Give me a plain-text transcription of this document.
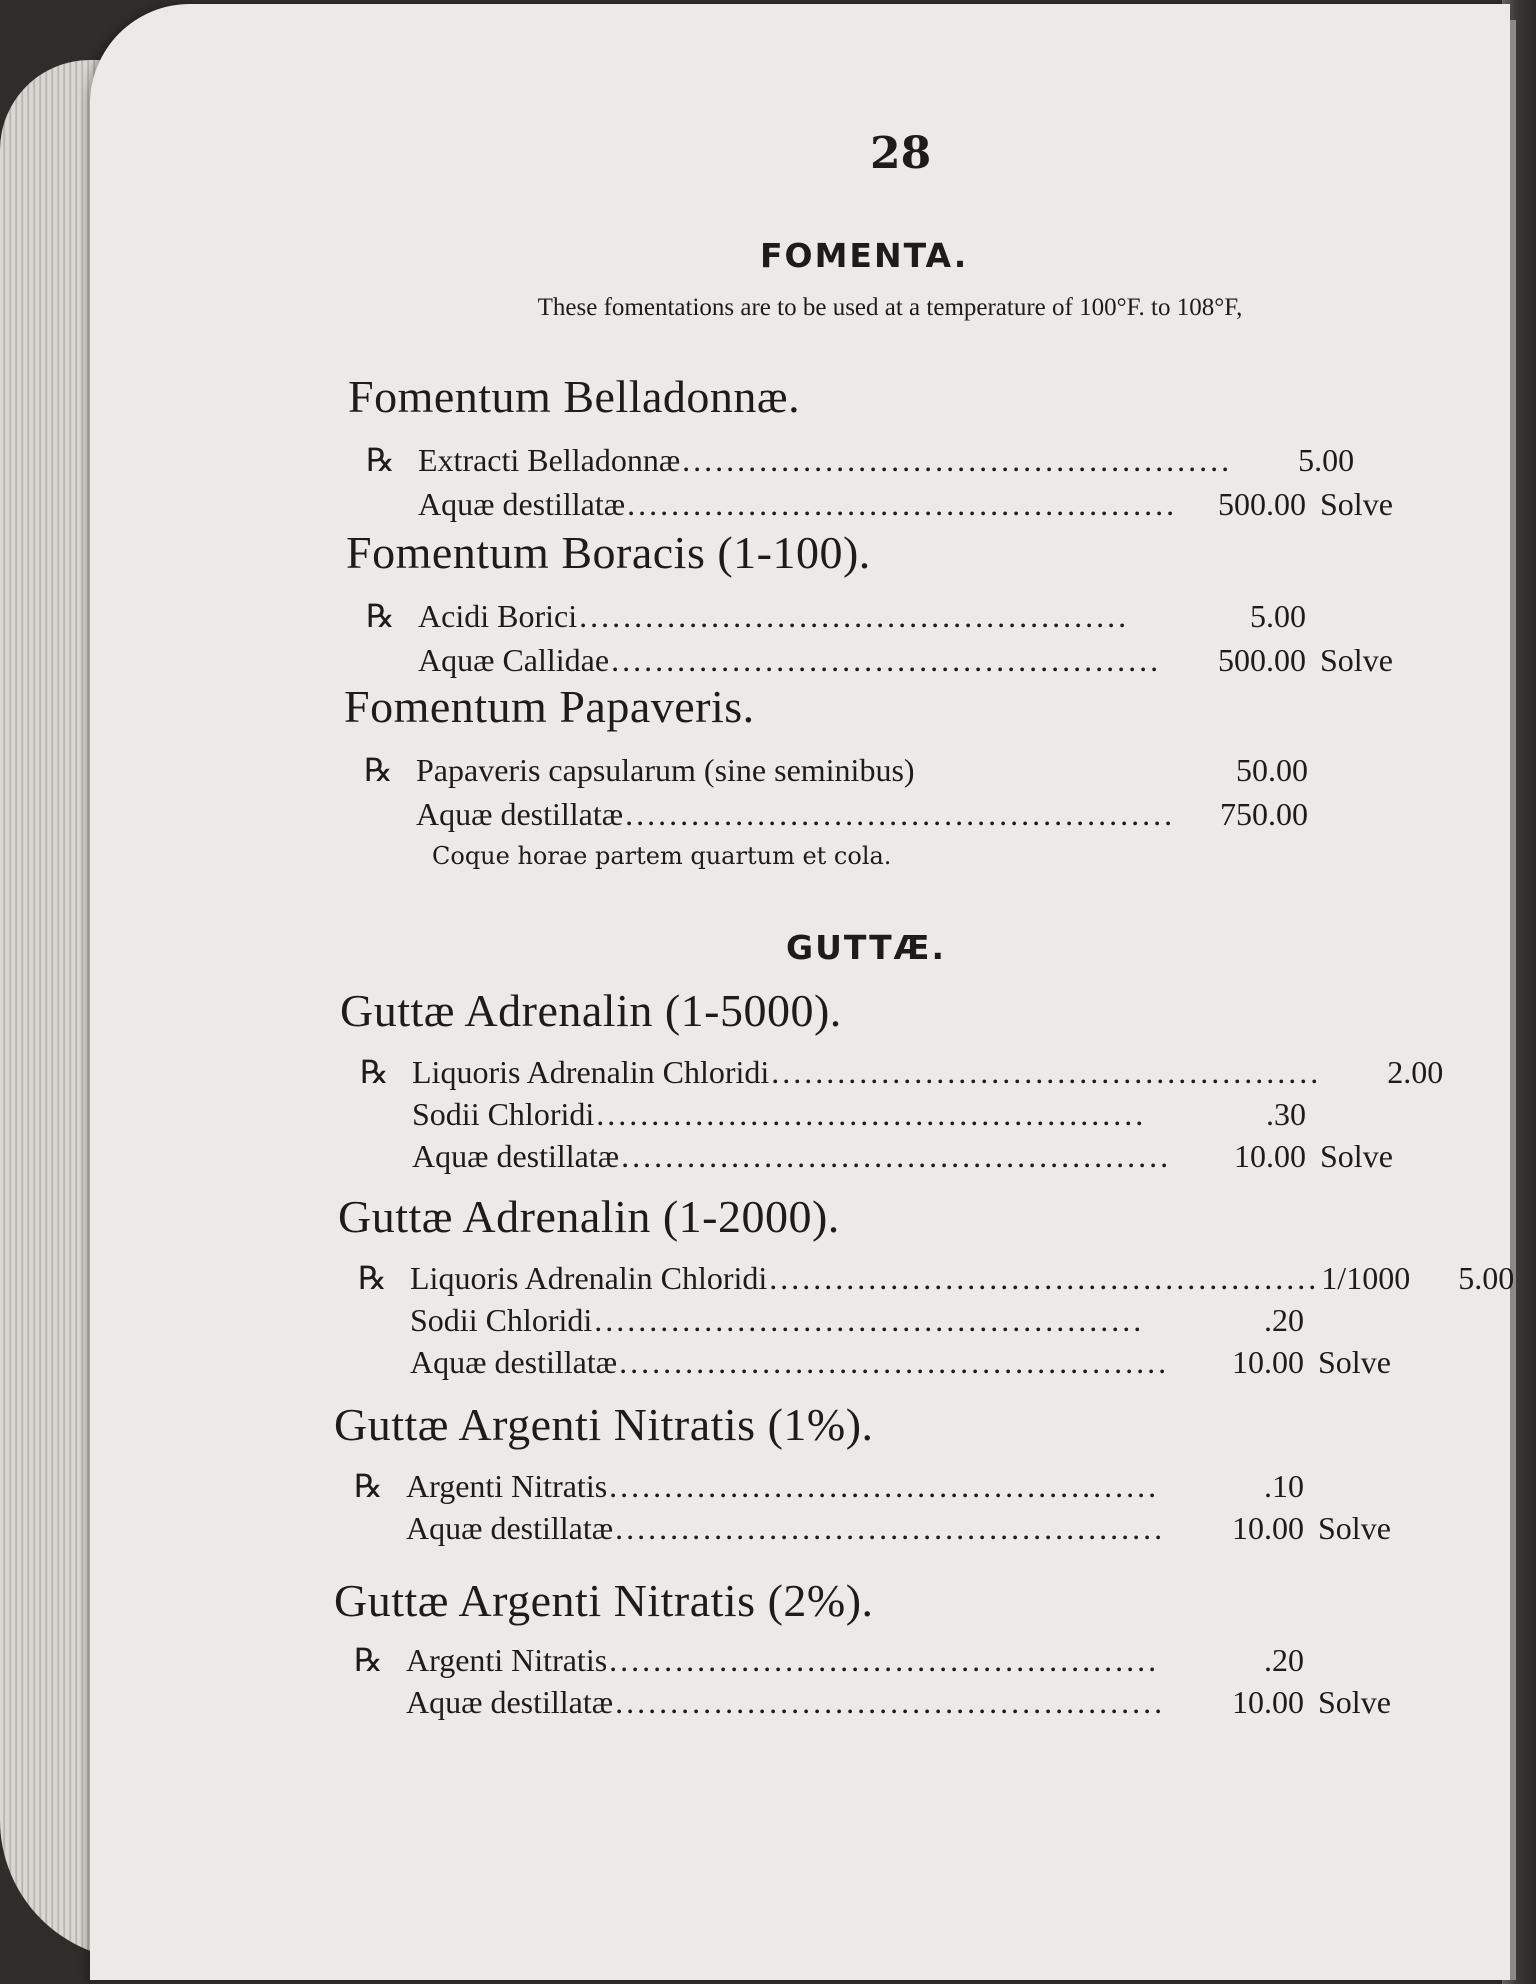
28

FOMENTA.

These fomentations are to be used at a temperature of 100°F. to 108°F,

Fomentum Belladonnæ.
℞ Extracti Belladonnæ ..................................................	5.00
Aquæ destillatæ ..................................................	500.00 Solve
Fomentum Boracis (1-100).
℞ Acidi Borici ..................................................	5.00
Aquæ Callidae ..................................................	500.00 Solve
Fomentum Papaveris.
℞ Papaveris capsularum (sine seminibus)	50.00
Aquæ destillatæ ..................................................	750.00

Coque horae partem quartum et cola.

GUTTÆ.
Guttæ Adrenalin (1-5000).
℞ Liquoris Adrenalin Chloridi ..................................................	2.00
Sodii Chloridi ..................................................	.30
Aquæ destillatæ ..................................................	10.00 Solve
Guttæ Adrenalin (1-2000).
℞ Liquoris Adrenalin Chloridi .................................................. 1/1000	5.00
Sodii Chloridi ..................................................	.20
Aquæ destillatæ ..................................................	10.00 Solve
Guttæ Argenti Nitratis (1%).
℞ Argenti Nitratis ..................................................	.10
Aquæ destillatæ ..................................................	10.00 Solve
Guttæ Argenti Nitratis (2%).
℞ Argenti Nitratis ..................................................	.20
Aquæ destillatæ ..................................................	10.00 Solve
